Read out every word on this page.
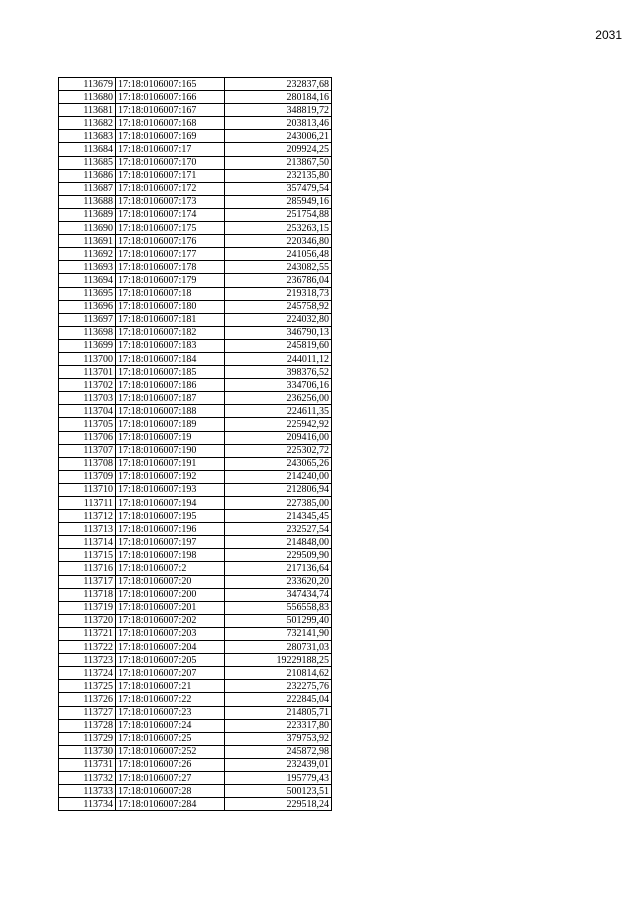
2031
113679	17:18:0106007:165	232837,68
113680	17:18:0106007:166	280184,16
113681	17:18:0106007:167	348819,72
113682	17:18:0106007:168	203813,46
113683	17:18:0106007:169	243006,21
113684	17:18:0106007:17	209924,25
113685	17:18:0106007:170	213867,50
113686	17:18:0106007:171	232135,80
113687	17:18:0106007:172	357479,54
113688	17:18:0106007:173	285949,16
113689	17:18:0106007:174	251754,88
113690	17:18:0106007:175	253263,15
113691	17:18:0106007:176	220346,80
113692	17:18:0106007:177	241056,48
113693	17:18:0106007:178	243082,55
113694	17:18:0106007:179	236786,04
113695	17:18:0106007:18	219318,73
113696	17:18:0106007:180	245758,92
113697	17:18:0106007:181	224032,80
113698	17:18:0106007:182	346790,13
113699	17:18:0106007:183	245819,60
113700	17:18:0106007:184	244011,12
113701	17:18:0106007:185	398376,52
113702	17:18:0106007:186	334706,16
113703	17:18:0106007:187	236256,00
113704	17:18:0106007:188	224611,35
113705	17:18:0106007:189	225942,92
113706	17:18:0106007:19	209416,00
113707	17:18:0106007:190	225302,72
113708	17:18:0106007:191	243065,26
113709	17:18:0106007:192	214240,00
113710	17:18:0106007:193	212806,94
113711	17:18:0106007:194	227385,00
113712	17:18:0106007:195	214345,45
113713	17:18:0106007:196	232527,54
113714	17:18:0106007:197	214848,00
113715	17:18:0106007:198	229509,90
113716	17:18:0106007:2	217136,64
113717	17:18:0106007:20	233620,20
113718	17:18:0106007:200	347434,74
113719	17:18:0106007:201	556558,83
113720	17:18:0106007:202	501299,40
113721	17:18:0106007:203	732141,90
113722	17:18:0106007:204	280731,03
113723	17:18:0106007:205	19229188,25
113724	17:18:0106007:207	210814,62
113725	17:18:0106007:21	232275,76
113726	17:18:0106007:22	222845,04
113727	17:18:0106007:23	214805,71
113728	17:18:0106007:24	223317,80
113729	17:18:0106007:25	379753,92
113730	17:18:0106007:252	245872,98
113731	17:18:0106007:26	232439,01
113732	17:18:0106007:27	195779,43
113733	17:18:0106007:28	500123,51
113734	17:18:0106007:284	229518,24
